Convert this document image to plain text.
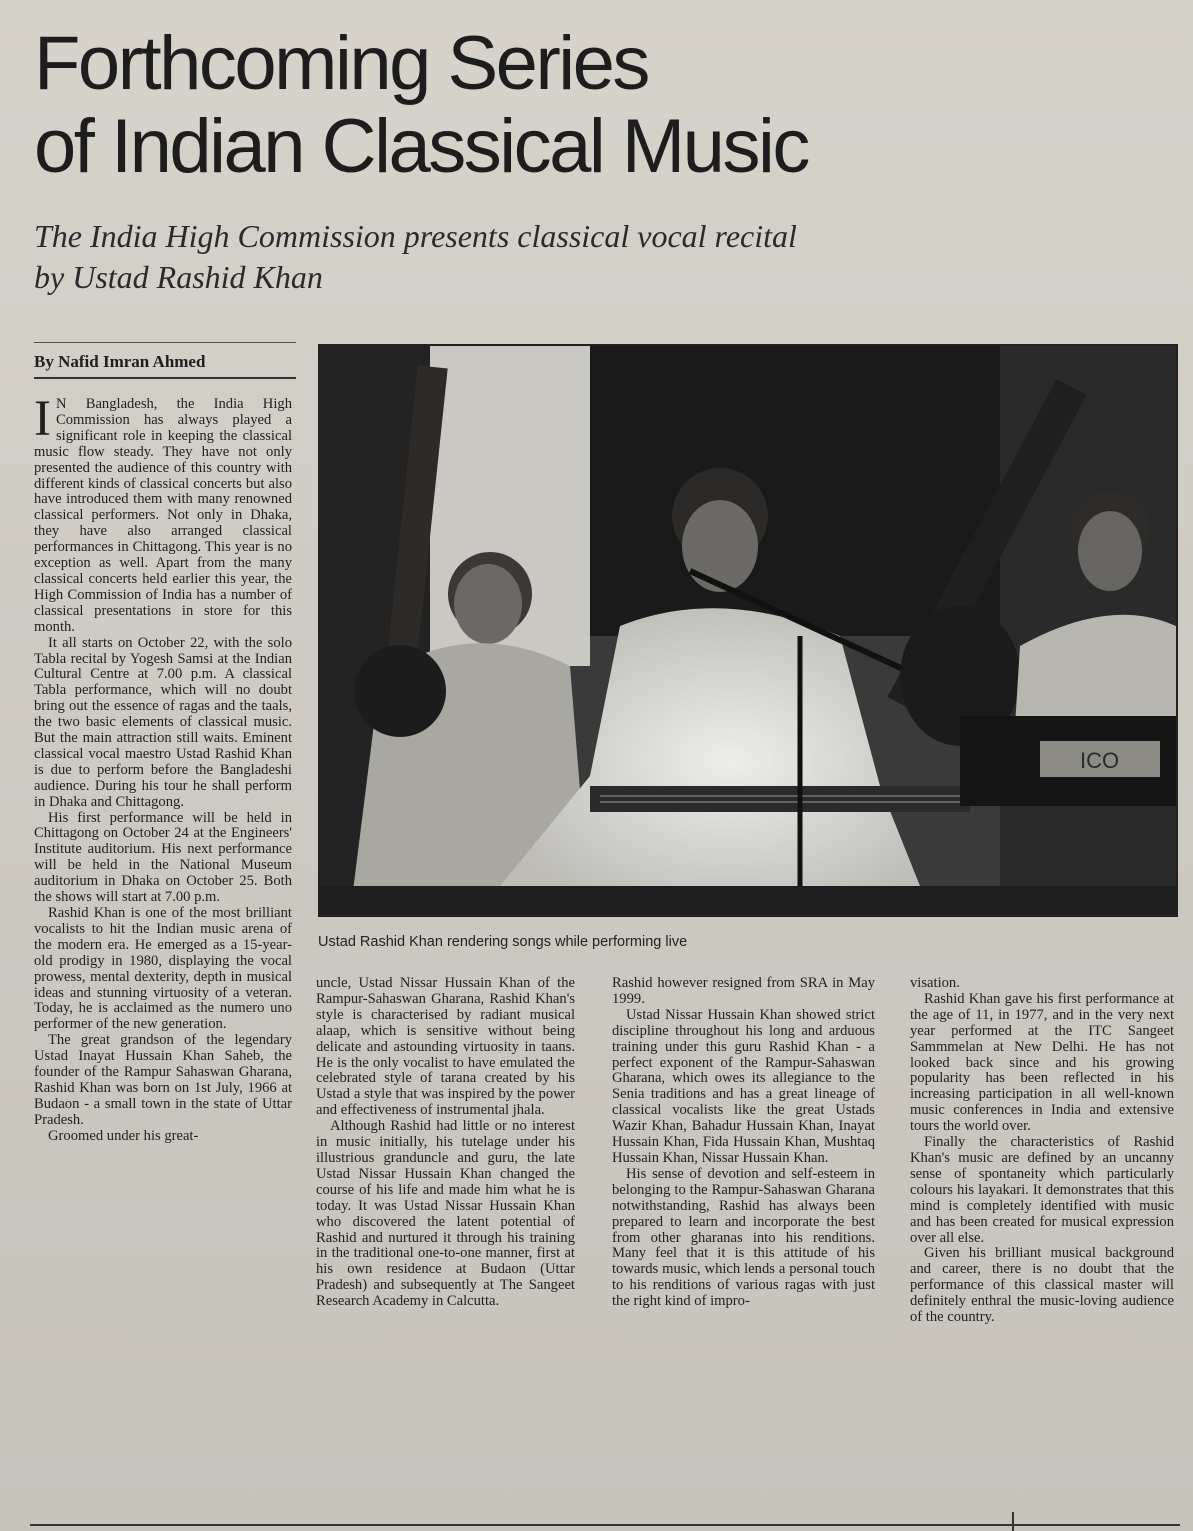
Forthcoming Series
of Indian Classical Music
The India High Commission presents classical vocal recital
by Ustad Rashid Khan
By Nafid Imran Ahmed

I N Bangladesh, the India High Commission has always played a significant role in keeping the classical music flow steady. They have not only presented the audience of this country with different kinds of classical concerts but also have introduced them with many renowned classical performers. Not only in Dhaka, they have also arranged classical performances in Chittagong. This year is no exception as well. Apart from the many classical concerts held earlier this year, the High Commission of India has a number of classical presentations in store for this month.

It all starts on October 22, with the solo Tabla recital by Yogesh Samsi at the Indian Cultural Centre at 7.00 p.m. A classical Tabla performance, which will no doubt bring out the essence of ragas and the taals, the two basic elements of classical music. But the main attraction still waits. Eminent classical vocal maestro Ustad Rashid Khan is due to perform before the Bangladeshi audience. During his tour he shall perform in Dhaka and Chittagong.

His first performance will be held in Chittagong on October 24 at the Engineers' Institute auditorium. His next performance will be held in the National Museum auditorium in Dhaka on October 25. Both the shows will start at 7.00 p.m.

Rashid Khan is one of the most brilliant vocalists to hit the Indian music arena of the modern era. He emerged as a 15-year-old prodigy in 1980, displaying the vocal prowess, mental dexterity, depth in musical ideas and stunning virtuosity of a veteran. Today, he is acclaimed as the numero uno performer of the new generation.

The great grandson of the legendary Ustad Inayat Hussain Khan Saheb, the founder of the Rampur Sahaswan Gharana, Rashid Khan was born on 1st July, 1966 at Budaon - a small town in the state of Uttar Pradesh.

Groomed under his great-

ICO
Ustad Rashid Khan rendering songs while performing live

uncle, Ustad Nissar Hussain Khan of the Rampur-Sahaswan Gharana, Rashid Khan's style is characterised by radiant musical alaap, which is sensitive without being delicate and astounding virtuosity in taans. He is the only vocalist to have emulated the celebrated style of tarana created by his Ustad a style that was inspired by the power and effectiveness of instrumental jhala.

Although Rashid had little or no interest in music initially, his tutelage under his illustrious granduncle and guru, the late Ustad Nissar Hussain Khan changed the course of his life and made him what he is today. It was Ustad Nissar Hussain Khan who discovered the latent potential of Rashid and nurtured it through his training in the traditional one-to-one manner, first at his own residence at Budaon (Uttar Pradesh) and subsequently at The Sangeet Research Academy in Calcutta.

Rashid however resigned from SRA in May 1999.

Ustad Nissar Hussain Khan showed strict discipline throughout his long and arduous training under this guru Rashid Khan - a perfect exponent of the Rampur-Sahaswan Gharana, which owes its allegiance to the Senia traditions and has a great lineage of classical vocalists like the great Ustads Wazir Khan, Bahadur Hussain Khan, Inayat Hussain Khan, Fida Hussain Khan, Mushtaq Hussain Khan, Nissar Hussain Khan.

His sense of devotion and self-esteem in belonging to the Rampur-Sahaswan Gharana notwithstanding, Rashid has always been prepared to learn and incorporate the best from other gharanas into his renditions. Many feel that it is this attitude of his towards music, which lends a personal touch to his renditions of various ragas with just the right kind of impro-

visation.

Rashid Khan gave his first performance at the age of 11, in 1977, and in the very next year performed at the ITC Sangeet Sammmelan at New Delhi. He has not looked back since and his growing popularity has been reflected in his increasing participation in all well-known music conferences in India and extensive tours the world over.

Finally the characteristics of Rashid Khan's music are defined by an uncanny sense of spontaneity which particularly colours his layakari. It demonstrates that this mind is completely identified with music and has been created for musical expression over all else.

Given his brilliant musical background and career, there is no doubt that the performance of this classical master will definitely enthral the music-loving audience of the country.
